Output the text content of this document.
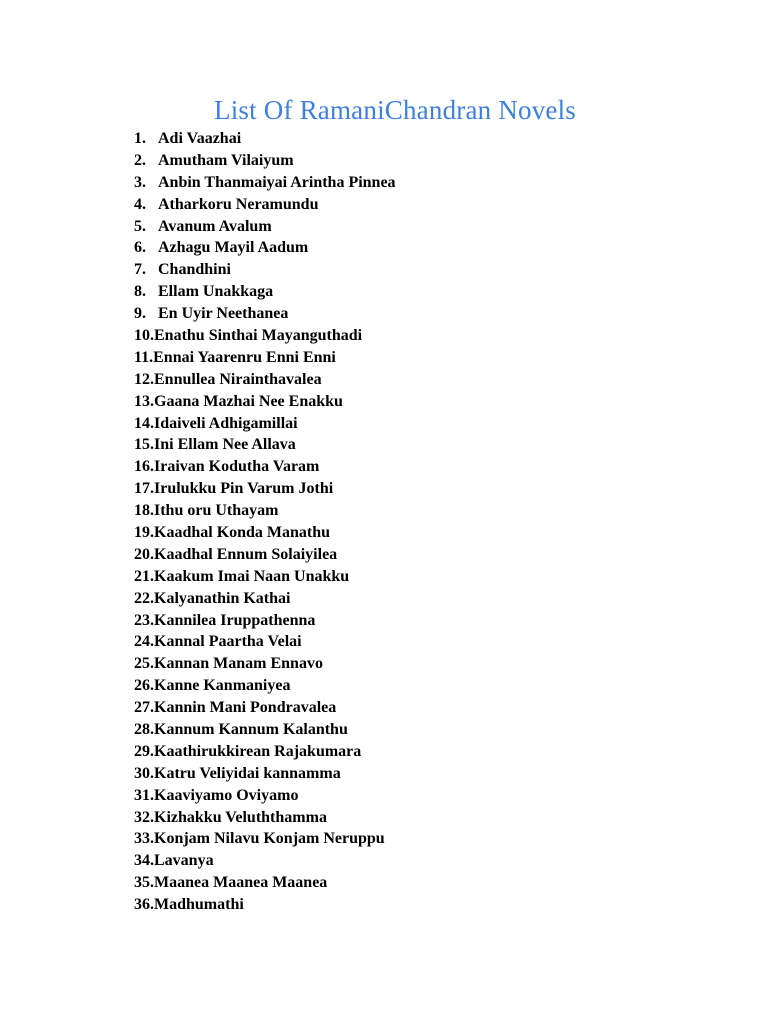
List Of RamaniChandran Novels
1. Adi Vaazhai
2. Amutham Vilaiyum
3. Anbin Thanmaiyai Arintha Pinnea
4. Atharkoru Neramundu
5. Avanum Avalum
6. Azhagu Mayil Aadum
7. Chandhini
8. Ellam Unakkaga
9. En Uyir Neethanea
10. Enathu Sinthai Mayanguthadi
11. Ennai Yaarenru Enni Enni
12. Ennullea Nirainthavalea
13. Gaana Mazhai Nee Enakku
14. Idaiveli Adhigamillai
15. Ini Ellam Nee Allava
16. Iraivan Kodutha Varam
17. Irulukku Pin Varum Jothi
18. Ithu oru Uthayam
19. Kaadhal Konda Manathu
20. Kaadhal Ennum Solaiyilea
21. Kaakum Imai Naan Unakku
22. Kalyanathin Kathai
23. Kannilea Iruppathenna
24. Kannal Paartha Velai
25. Kannan Manam Ennavo
26. Kanne Kanmaniyea
27. Kannin Mani Pondravalea
28. Kannum Kannum Kalanthu
29. Kaathirukkirean Rajakumara
30. Katru Veliyidai kannamma
31. Kaaviyamo Oviyamo
32. Kizhakku Veluththamma
33. Konjam Nilavu Konjam Neruppu
34. Lavanya
35. Maanea Maanea Maanea
36. Madhumathi
